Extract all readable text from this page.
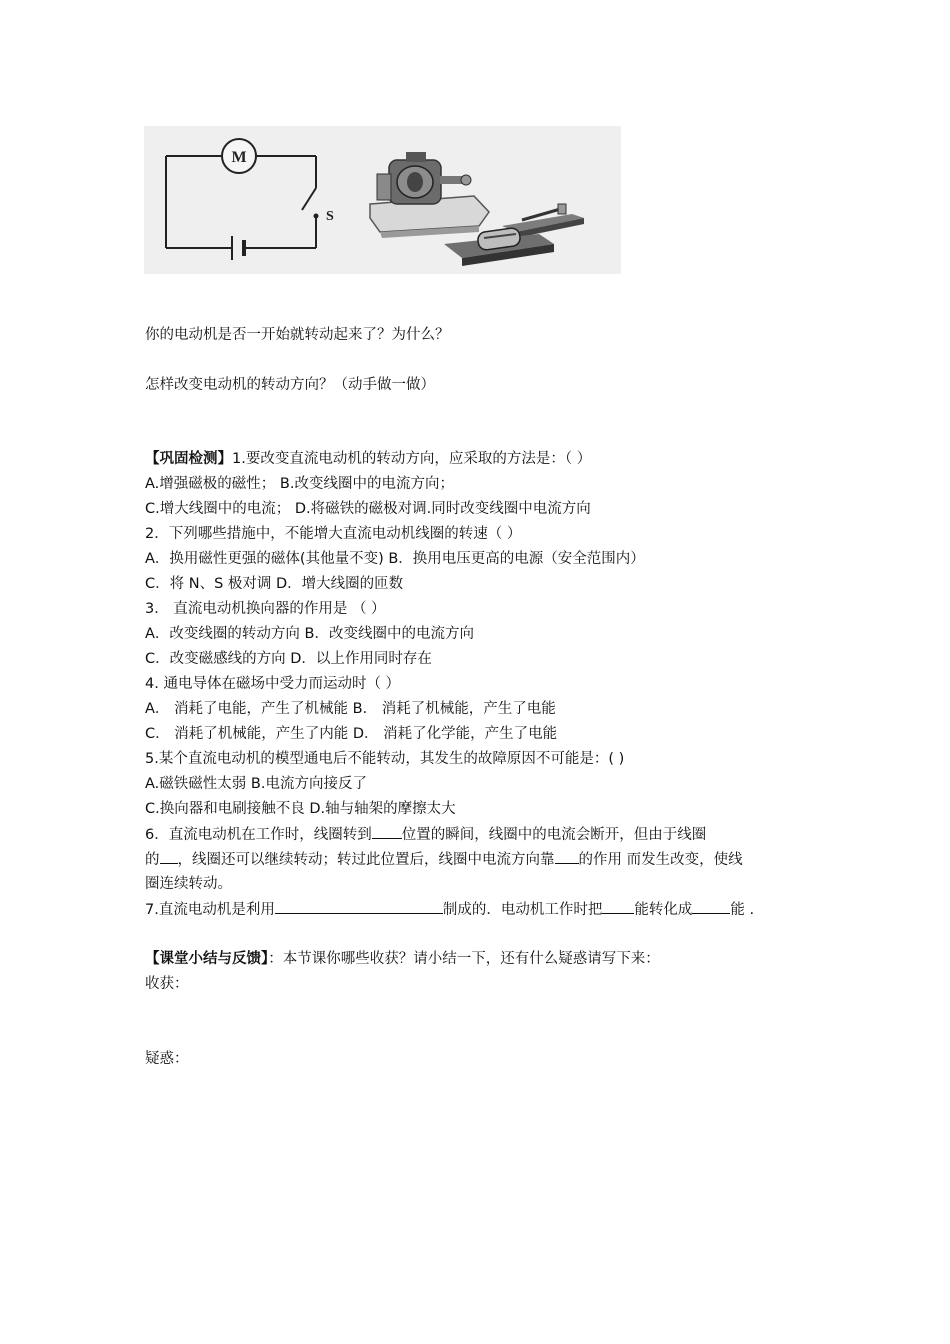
M
S
你的电动机是否一开始就转动起来了？为什么？
怎样改变电动机的转动方向？（动手做一做）
【巩固检测】1.要改变直流电动机的转动方向，应采取的方法是：（ ）
A.增强磁极的磁性； B.改变线圈中的电流方向；
C.增大线圈中的电流； D.将磁铁的磁极对调.同时改变线圈中电流方向
2．下列哪些措施中，不能增大直流电动机线圈的转速（ ）
A．换用磁性更强的磁体(其他量不变) B．换用电压更高的电源（安全范围内）
C．将 N、S 极对调 D．增大线圈的匝数
3． 直流电动机换向器的作用是 （ ）
A．改变线圈的转动方向 B．改变线圈中的电流方向
C．改变磁感线的方向 D．以上作用同时存在
4. 通电导体在磁场中受力而运动时（ ）
A． 消耗了电能，产生了机械能 B． 消耗了机械能，产生了电能
C． 消耗了机械能，产生了内能 D． 消耗了化学能，产生了电能
5.某个直流电动机的模型通电后不能转动，其发生的故障原因不可能是：( )
A.磁铁磁性太弱 B.电流方向接反了
C.换向器和电刷接触不良 D.轴与轴架的摩擦太大
6．直流电动机在工作时，线圈转到 位置的瞬间，线圈中的电流会断开，但由于线圈
的 ，线圈还可以继续转动；转过此位置后，线圈中电流方向靠 的作用 而发生改变，使线
圈连续转动。
7.直流电动机是利用	制成的．电动机工作时把 能转化成	能 .
【课堂小结与反馈】：本节课你哪些收获？请小结一下，还有什么疑惑请写下来：
收获：
疑惑：
